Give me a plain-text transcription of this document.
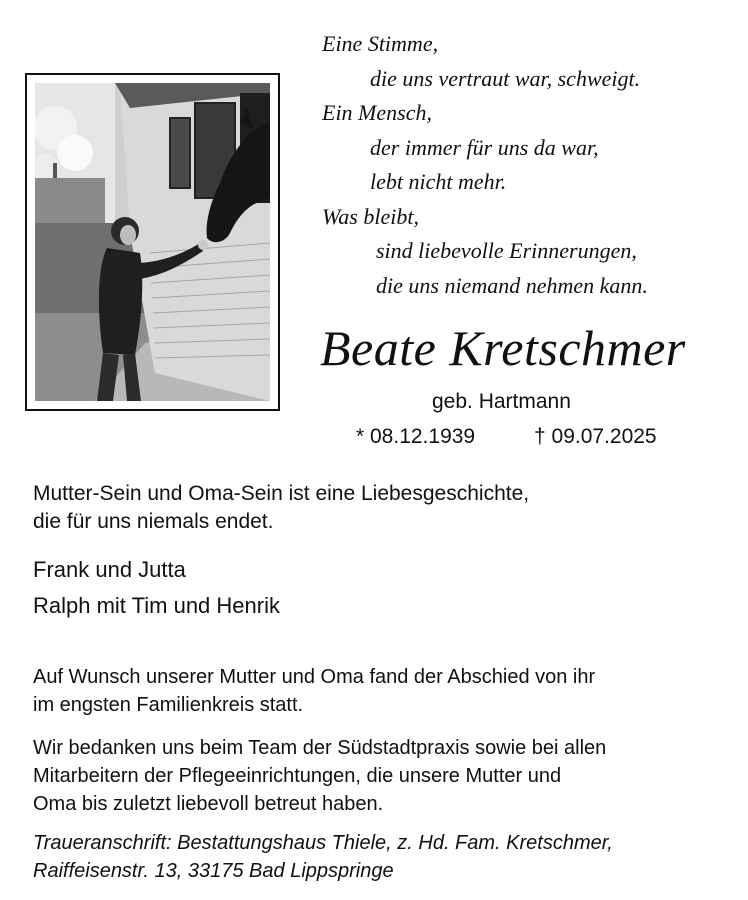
Eine Stimme,
die uns vertraut war, schweigt.
Ein Mensch,
der immer für uns da war,
lebt nicht mehr.
Was bleibt,
sind liebevolle Erinnerungen,
die uns niemand nehmen kann.
Beate Kretschmer
geb. Hartmann
* 08.12.1939	† 09.07.2025
Mutter-Sein und Oma-Sein ist eine Liebesgeschichte,
die für uns niemals endet.
Frank und Jutta
Ralph mit Tim und Henrik
Auf Wunsch unserer Mutter und Oma fand der Abschied von ihr
im engsten Familienkreis statt.
Wir bedanken uns beim Team der Südstadtpraxis sowie bei allen
Mitarbeitern der Pflegeeinrichtungen, die unsere Mutter und
Oma bis zuletzt liebevoll betreut haben.
Traueranschrift: Bestattungshaus Thiele, z. Hd. Fam. Kretschmer,
Raiffeisenstr. 13, 33175 Bad Lippspringe
